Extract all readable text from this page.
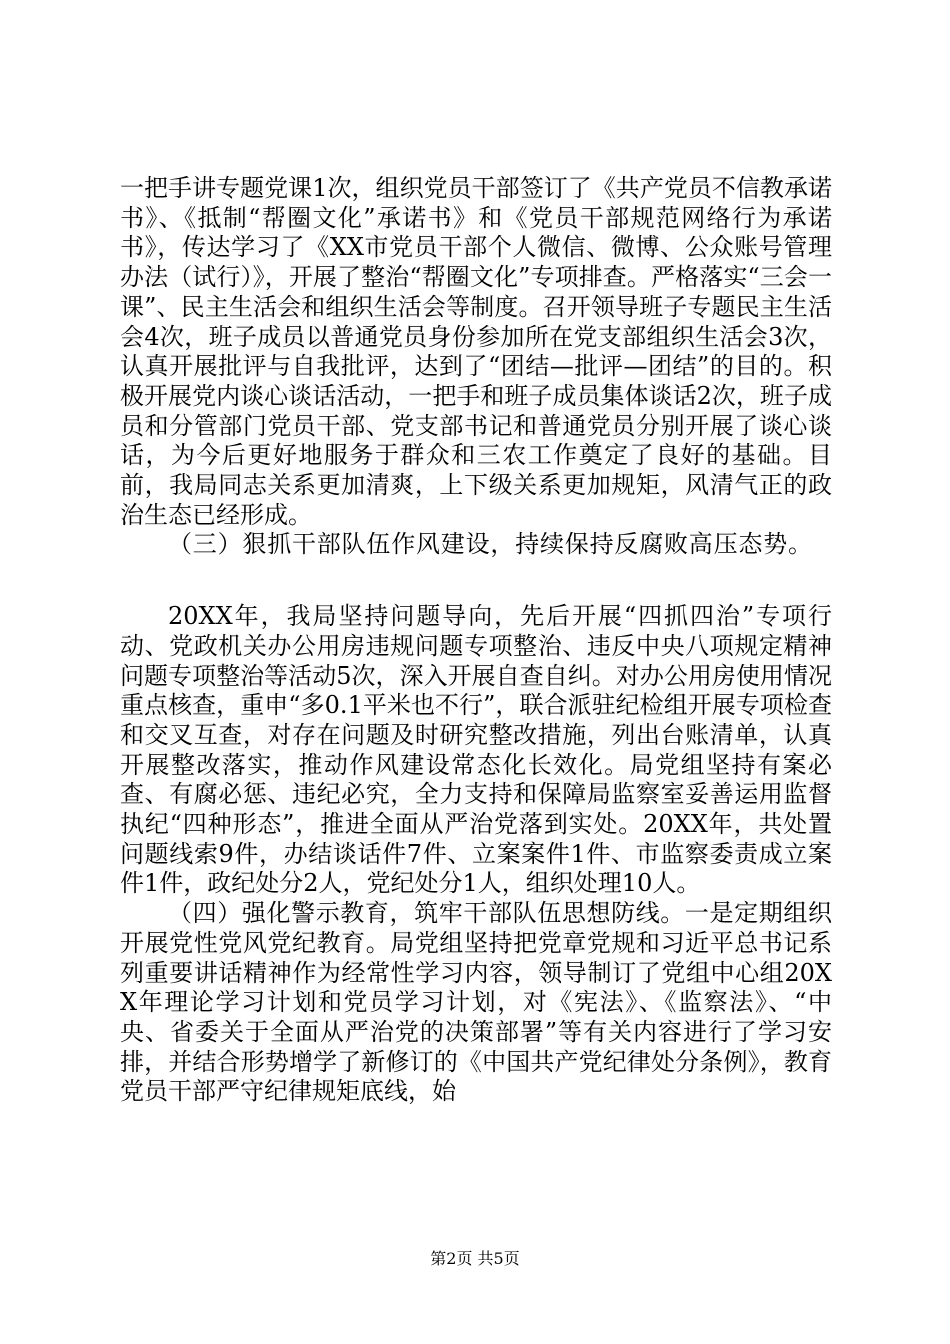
一把手讲专题党课1次，组织党员干部签订了《共产党员不信教承诺书》、《抵制“帮圈文化”承诺书》和《党员干部规范网络行为承诺书》，传达学习了《XX市党员干部个人微信、微博、公众账号管理办法（试行）》，开展了整治“帮圈文化”专项排查。严格落实“三会一课”、民主生活会和组织生活会等制度。召开领导班子专题民主生活会4次，班子成员以普通党员身份参加所在党支部组织生活会3次，认真开展批评与自我批评，达到了“团结—批评—团结”的目的。积极开展党内谈心谈话活动，一把手和班子成员集体谈话2次，班子成员和分管部门党员干部、党支部书记和普通党员分别开展了谈心谈话，为今后更好地服务于群众和三农工作奠定了良好的基础。目前，我局同志关系更加清爽，上下级关系更加规矩，风清气正的政治生态已经形成。

（三）狠抓干部队伍作风建设，持续保持反腐败高压态势。

20XX年，我局坚持问题导向，先后开展“四抓四治”专项行动、党政机关办公用房违规问题专项整治、违反中央八项规定精神问题专项整治等活动5次，深入开展自查自纠。对办公用房使用情况重点核查，重申“多0.1平米也不行”，联合派驻纪检组开展专项检查和交叉互查，对存在问题及时研究整改措施，列出台账清单，认真开展整改落实，推动作风建设常态化长效化。局党组坚持有案必查、有腐必惩、违纪必究，全力支持和保障局监察室妥善运用监督执纪“四种形态”，推进全面从严治党落到实处。20XX年，共处置问题线索9件，办结谈话件7件、立案案件1件、市监察委责成立案件1件，政纪处分2人，党纪处分1人，组织处理10人。

（四）强化警示教育，筑牢干部队伍思想防线。一是定期组织开展党性党风党纪教育。局党组坚持把党章党规和习近平总书记系列重要讲话精神作为经常性学习内容，领导制订了党组中心组20XX年理论学习计划和党员学习计划，对《宪法》、《监察法》、“中央、省委关于全面从严治党的决策部署”等有关内容进行了学习安排，并结合形势增学了新修订的《中国共产党纪律处分条例》，教育党员干部严守纪律规矩底线，始

第2页 共5页
